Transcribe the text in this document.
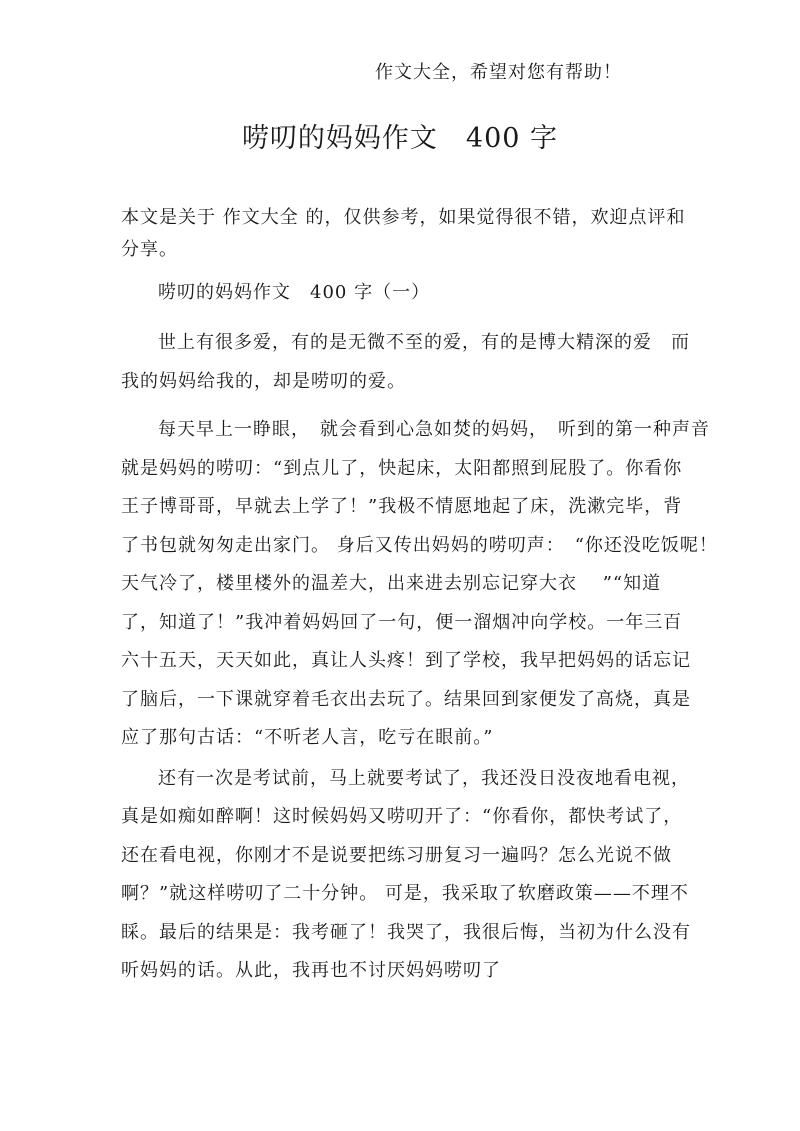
作文大全，希望对您有帮助！
唠叨的妈妈作文　400 字
本文是关于 作文大全 的，仅供参考，如果觉得很不错，欢迎点评和
分享。
唠叨的妈妈作文　400 字（一）
世上有很多爱，有的是无微不至的爱，有的是博大精深的爱　而
我的妈妈给我的，却是唠叨的爱。
每天早上一睁眼，　就会看到心急如焚的妈妈，　听到的第一种声音
就是妈妈的唠叨：“到点儿了，快起床，太阳都照到屁股了。你看你
王子博哥哥，早就去上学了！”我极不情愿地起了床，洗漱完毕，背
了书包就匆匆走出家门。 身后又传出妈妈的唠叨声：　“你还没吃饭呢！
天气冷了，楼里楼外的温差大，出来进去别忘记穿大衣　 ”“知道
了，知道了！”我冲着妈妈回了一句，便一溜烟冲向学校。一年三百
六十五天，天天如此，真让人头疼！到了学校，我早把妈妈的话忘记
了脑后，一下课就穿着毛衣出去玩了。结果回到家便发了高烧，真是
应了那句古话：“不听老人言，吃亏在眼前。”
还有一次是考试前，马上就要考试了，我还没日没夜地看电视，
真是如痴如醉啊！这时候妈妈又唠叨开了：“你看你，都快考试了，
还在看电视，你刚才不是说要把练习册复习一遍吗？怎么光说不做
啊？”就这样唠叨了二十分钟。 可是，我采取了软磨政策——不理不
睬。最后的结果是：我考砸了！我哭了，我很后悔，当初为什么没有
听妈妈的话。从此，我再也不讨厌妈妈唠叨了
